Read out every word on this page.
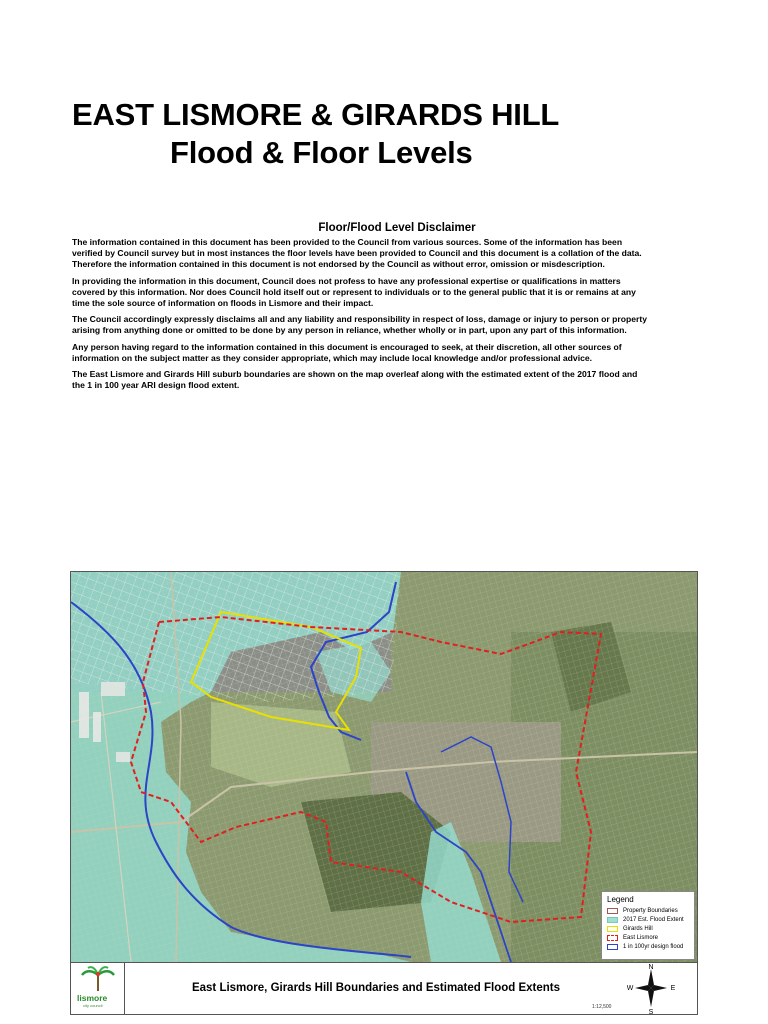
EAST LISMORE & GIRARDS HILL
Flood & Floor Levels
Floor/Flood Level Disclaimer

The information contained in this document has been provided to the Council from various sources. Some of the information has been verified by Council survey but in most instances the floor levels have been provided to Council and this document is a collation of the data. Therefore the information contained in this document is not endorsed by the Council as without error, omission or misdescription.

In providing the information in this document, Council does not profess to have any professional expertise or qualifications in matters covered by this information. Nor does Council hold itself out or represent to individuals or to the general public that it is or remains at any time the sole source of information on floods in Lismore and their impact.

The Council accordingly expressly disclaims all and any liability and responsibility in respect of loss, damage or injury to person or property arising from anything done or omitted to be done by any person in reliance, whether wholly or in part, upon any part of this information.

Any person having regard to the information contained in this document is encouraged to seek, at their discretion, all other sources of information on the subject matter as they consider appropriate, which may include local knowledge and/or professional advice.

The East Lismore and Girards Hill suburb boundaries are shown on the map overleaf along with the estimated extent of the 2017 flood and the 1 in 100 year ARI design flood extent.

Legend
Property Boundaries
2017 Est. Flood Extent
Girards Hill
East Lismore
1 in 100yr design flood
lismore
city council
East Lismore, Girards Hill Boundaries and Estimated Flood Extents
N
S
W	E
1:12,500
